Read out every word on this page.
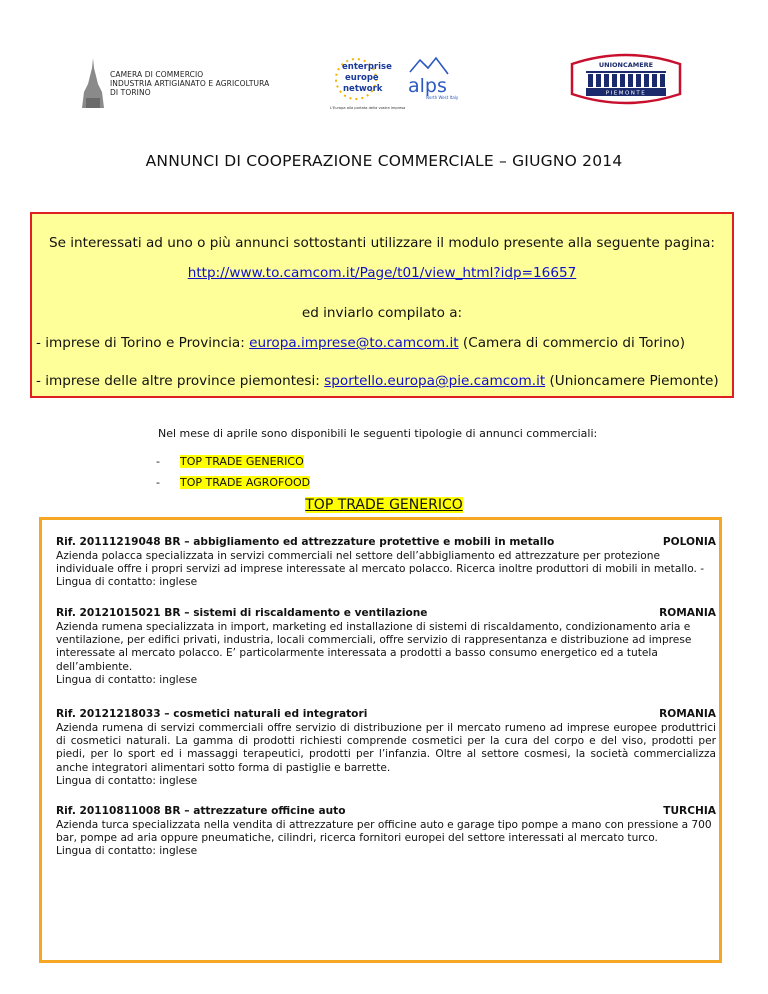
CAMERA DI COMMERCIO
INDUSTRIA ARTIGIANATO E AGRICOLTURA
DI TORINO
enterprise
europe
network
L'Europa alla portata della vostra impresa
alps
North West Italy
UNIONCAMERE
PIEMONTE
ANNUNCI DI COOPERAZIONE COMMERCIALE – GIUGNO 2014

Se interessati ad uno o più annunci sottostanti utilizzare il modulo presente alla seguente pagina:

http://www.to.camcom.it/Page/t01/view_html?idp=16657

ed inviarlo compilato a:

- imprese di Torino e Provincia: europa.imprese@to.camcom.it (Camera di commercio di Torino)

- imprese delle altre province piemontesi: sportello.europa@pie.camcom.it (Unioncamere Piemonte)

Nel mese di aprile sono disponibili le seguenti tipologie di annunci commerciali:
- TOP TRADE GENERICO
- TOP TRADE AGROFOOD
TOP TRADE GENERICO
Rif. 20111219048 BR – abbigliamento ed attrezzature protettive e mobili in metallo	POLONIA

Azienda polacca specializzata in servizi commerciali nel settore dell’abbigliamento ed attrezzature per protezione individuale offre i propri servizi ad imprese interessate al mercato polacco. Ricerca inoltre produttori di mobili in metallo. - Lingua di contatto: inglese

Rif. 20121015021 BR – sistemi di riscaldamento e ventilazione	ROMANIA

Azienda rumena specializzata in import, marketing ed installazione di sistemi di riscaldamento, condizionamento aria e ventilazione, per edifici privati, industria, locali commerciali, offre servizio di rappresentanza e distribuzione ad imprese interessate al mercato polacco. E’ particolarmente interessata a prodotti a basso consumo energetico ed a tutela dell’ambiente.

Lingua di contatto: inglese

Rif. 20121218033 – cosmetici naturali ed integratori	ROMANIA

Azienda rumena di servizi commerciali offre servizio di distribuzione per il mercato rumeno ad imprese europee produttrici di cosmetici naturali. La gamma di prodotti richiesti comprende cosmetici per la cura del corpo e del viso, prodotti per piedi, per lo sport ed i massaggi terapeutici, prodotti per l’infanzia. Oltre al settore cosmesi, la società commercializza anche integratori alimentari sotto forma di pastiglie e barrette.

Lingua di contatto: inglese

Rif. 20110811008 BR – attrezzature officine auto	TURCHIA

Azienda turca specializzata nella vendita di attrezzature per officine auto e garage tipo pompe a mano con pressione a 700 bar, pompe ad aria oppure pneumatiche, cilindri, ricerca fornitori europei del settore interessati al mercato turco.

Lingua di contatto: inglese
